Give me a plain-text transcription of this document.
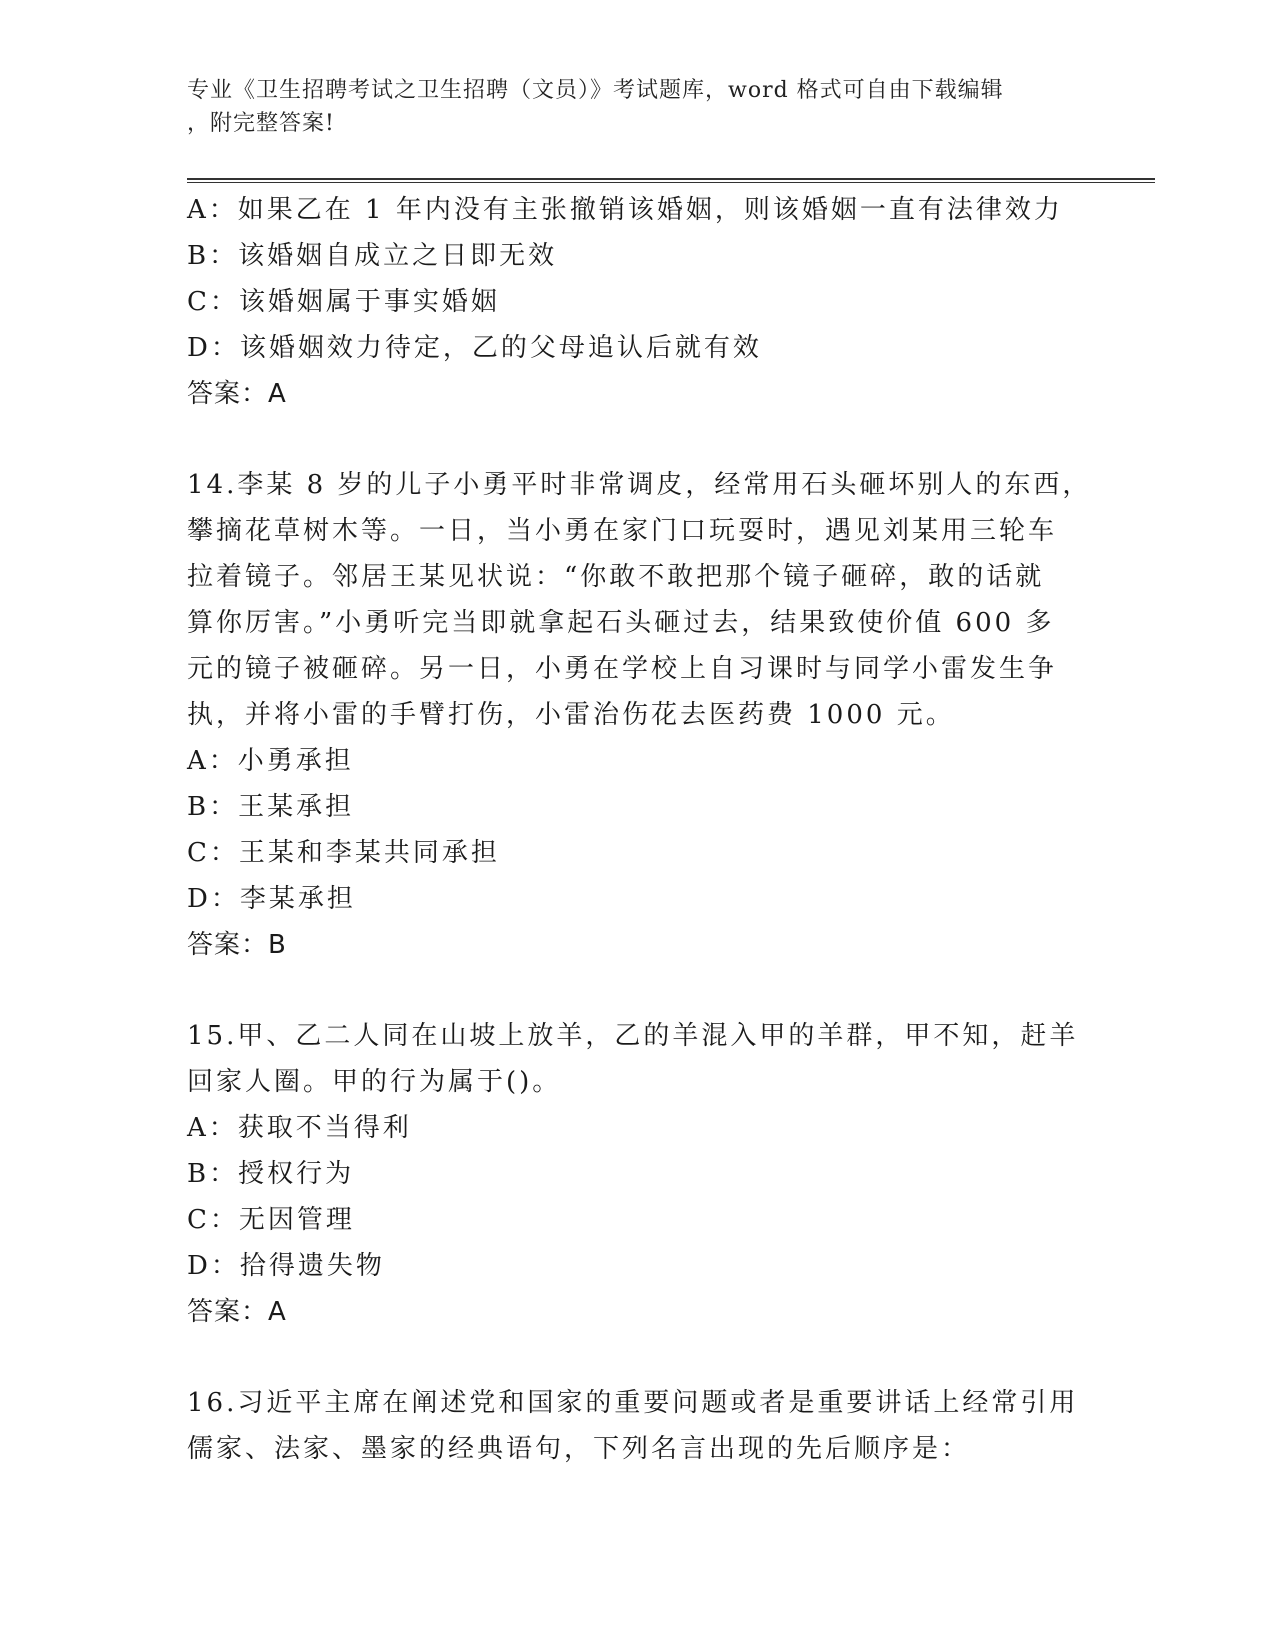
专业《卫生招聘考试之卫生招聘（文员）》考试题库，word 格式可自由下载编辑
，附完整答案!
A：如果乙在 1 年内没有主张撤销该婚姻，则该婚姻一直有法律效力
B：该婚姻自成立之日即无效
C：该婚姻属于事实婚姻
D：该婚姻效力待定，乙的父母追认后就有效
答案：A
14.李某 8 岁的儿子小勇平时非常调皮，经常用石头砸坏别人的东西，
攀摘花草树木等。一日，当小勇在家门口玩耍时，遇见刘某用三轮车
拉着镜子。邻居王某见状说：“你敢不敢把那个镜子砸碎，敢的话就
算你厉害。”小勇听完当即就拿起石头砸过去，结果致使价值 600 多
元的镜子被砸碎。另一日，小勇在学校上自习课时与同学小雷发生争
执，并将小雷的手臂打伤，小雷治伤花去医药费 1000 元。
A：小勇承担
B：王某承担
C：王某和李某共同承担
D：李某承担
答案：B
15.甲、乙二人同在山坡上放羊，乙的羊混入甲的羊群，甲不知，赶羊
回家人圈。甲的行为属于()。
A：获取不当得利
B：授权行为
C：无因管理
D：拾得遗失物
答案：A
16.习近平主席在阐述党和国家的重要问题或者是重要讲话上经常引用
儒家、法家、墨家的经典语句，下列名言出现的先后顺序是：
